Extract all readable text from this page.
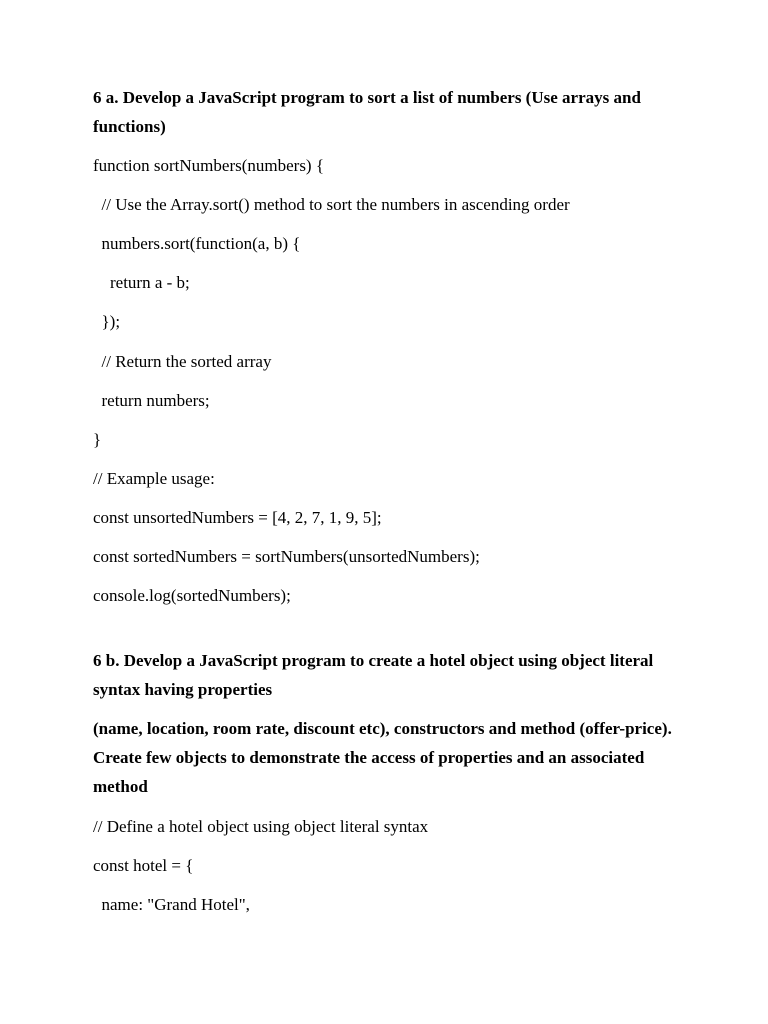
6 a. Develop a JavaScript program to sort a list of numbers (Use arrays and functions)

function sortNumbers(numbers) {

// Use the Array.sort() method to sort the numbers in ascending order

numbers.sort(function(a, b) {

return a - b;

});

// Return the sorted array

return numbers;

}

// Example usage:

const unsortedNumbers = [4, 2, 7, 1, 9, 5];

const sortedNumbers = sortNumbers(unsortedNumbers);

console.log(sortedNumbers);

6 b. Develop a JavaScript program to create a hotel object using object literal syntax having properties

(name, location, room rate, discount etc), constructors and method (offer-price). Create few objects to demonstrate the access of properties and an associated method

// Define a hotel object using object literal syntax

const hotel = {

name: "Grand Hotel",
